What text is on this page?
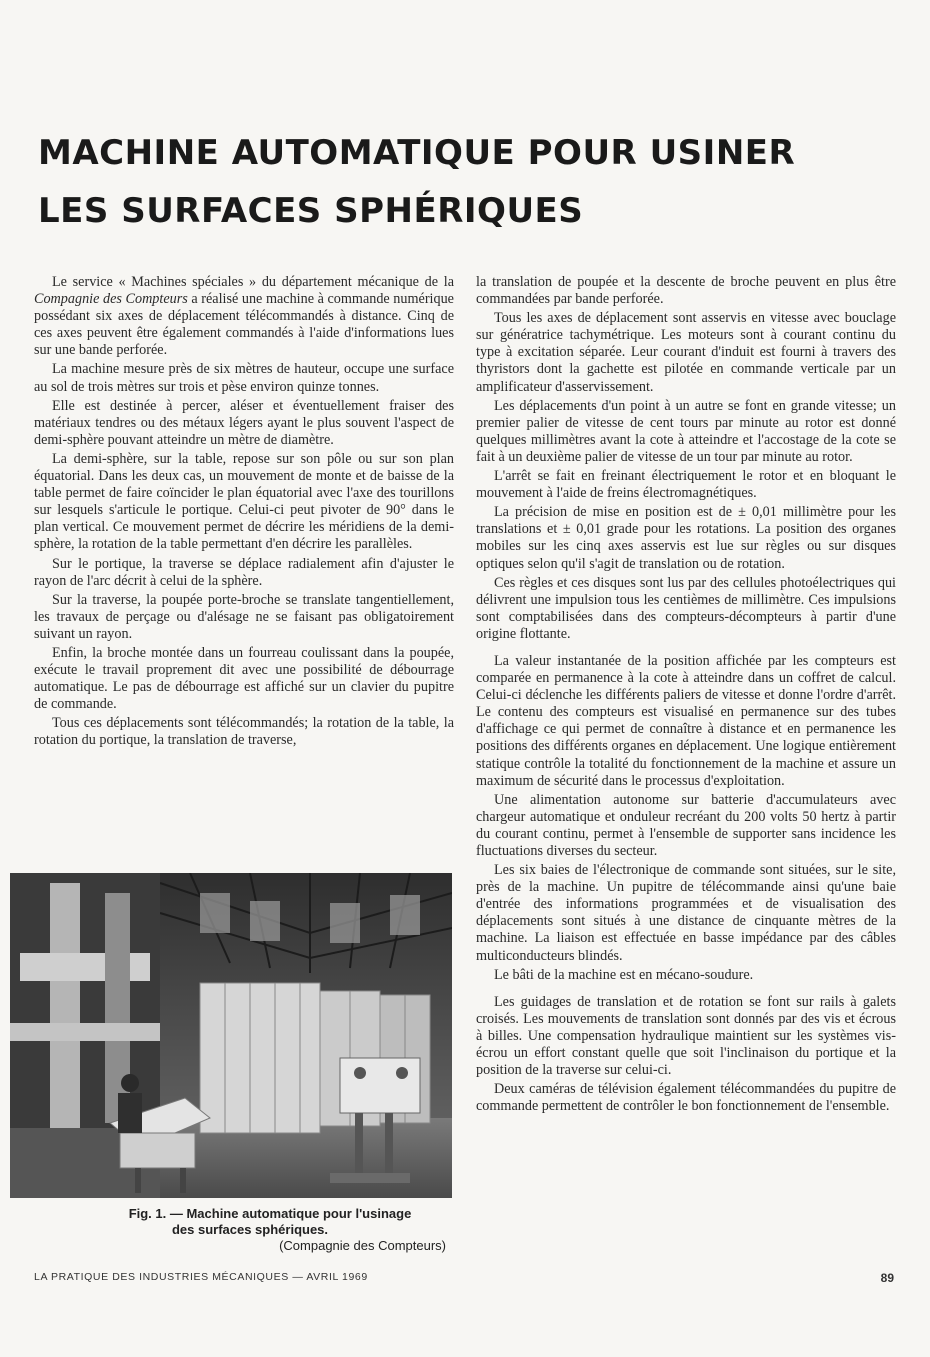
MACHINE AUTOMATIQUE POUR USINER
LES SURFACES SPHÉRIQUES

Le service « Machines spéciales » du département mécanique de la Compagnie des Compteurs a réalisé une machine à commande numérique possédant six axes de déplacement télécommandés à distance. Cinq de ces axes peuvent être également commandés à l'aide d'informations lues sur une bande perforée.

La machine mesure près de six mètres de hauteur, occupe une surface au sol de trois mètres sur trois et pèse environ quinze tonnes.

Elle est destinée à percer, aléser et éventuellement fraiser des matériaux tendres ou des métaux légers ayant le plus souvent l'aspect de demi-sphère pouvant atteindre un mètre de diamètre.

La demi-sphère, sur la table, repose sur son pôle ou sur son plan équatorial. Dans les deux cas, un mouvement de monte et de baisse de la table permet de faire coïncider le plan équatorial avec l'axe des tourillons sur lesquels s'articule le portique. Celui-ci peut pivoter de 90° dans le plan vertical. Ce mouvement permet de décrire les méridiens de la demi-sphère, la rotation de la table permettant d'en décrire les parallèles.

Sur le portique, la traverse se déplace radialement afin d'ajuster le rayon de l'arc décrit à celui de la sphère.

Sur la traverse, la poupée porte-broche se translate tangentiellement, les travaux de perçage ou d'alésage ne se faisant pas obligatoirement suivant un rayon.

Enfin, la broche montée dans un fourreau coulissant dans la poupée, exécute le travail proprement dit avec une possibilité de débourrage automatique. Le pas de débourrage est affiché sur un clavier du pupitre de commande.

Tous ces déplacements sont télécommandés; la rotation de la table, la rotation du portique, la translation de traverse,

Fig. 1. — Machine automatique pour l'usinage
des surfaces sphériques.
(Compagnie des Compteurs)

la translation de poupée et la descente de broche peuvent en plus être commandées par bande perforée.

Tous les axes de déplacement sont asservis en vitesse avec bouclage sur génératrice tachymétrique. Les moteurs sont à courant continu du type à excitation séparée. Leur courant d'induit est fourni à travers des thyristors dont la gachette est pilotée en commande verticale par un amplificateur d'asservissement.

Les déplacements d'un point à un autre se font en grande vitesse; un premier palier de vitesse de cent tours par minute au rotor est donné quelques millimètres avant la cote à atteindre et l'accostage de la cote se fait à un deuxième palier de vitesse de un tour par minute au rotor.

L'arrêt se fait en freinant électriquement le rotor et en bloquant le mouvement à l'aide de freins électromagnétiques.

La précision de mise en position est de ± 0,01 millimètre pour les translations et ± 0,01 grade pour les rotations. La position des organes mobiles sur les cinq axes asservis est lue sur règles ou sur disques optiques selon qu'il s'agit de translation ou de rotation.

Ces règles et ces disques sont lus par des cellules photoélectriques qui délivrent une impulsion tous les centièmes de millimètre. Ces impulsions sont comptabilisées dans des compteurs-décompteurs à partir d'une origine flottante.

La valeur instantanée de la position affichée par les compteurs est comparée en permanence à la cote à atteindre dans un coffret de calcul. Celui-ci déclenche les différents paliers de vitesse et donne l'ordre d'arrêt. Le contenu des compteurs est visualisé en permanence sur des tubes d'affichage ce qui permet de connaître à distance et en permanence les positions des différents organes en déplacement. Une logique entièrement statique contrôle la totalité du fonctionnement de la machine et assure un maximum de sécurité dans le processus d'exploitation.

Une alimentation autonome sur batterie d'accumulateurs avec chargeur automatique et onduleur recréant du 200 volts 50 hertz à partir du courant continu, permet à l'ensemble de supporter sans incidence les fluctuations diverses du secteur.

Les six baies de l'électronique de commande sont situées, sur le site, près de la machine. Un pupitre de télécommande ainsi qu'une baie d'entrée des informations programmées et de visualisation des déplacements sont situés à une distance de cinquante mètres de la machine. La liaison est effectuée en basse impédance par des câbles multiconducteurs blindés.

Le bâti de la machine est en mécano-soudure.

Les guidages de translation et de rotation se font sur rails à galets croisés. Les mouvements de translation sont donnés par des vis et écrous à billes. Une compensation hydraulique maintient sur les systèmes vis-écrou un effort constant quelle que soit l'inclinaison du portique et la position de la traverse sur celui-ci.

Deux caméras de télévision également télécommandées du pupitre de commande permettent de contrôler le bon fonctionnement de l'ensemble.

LA PRATIQUE DES INDUSTRIES MÉCANIQUES — AVRIL 1969	89
